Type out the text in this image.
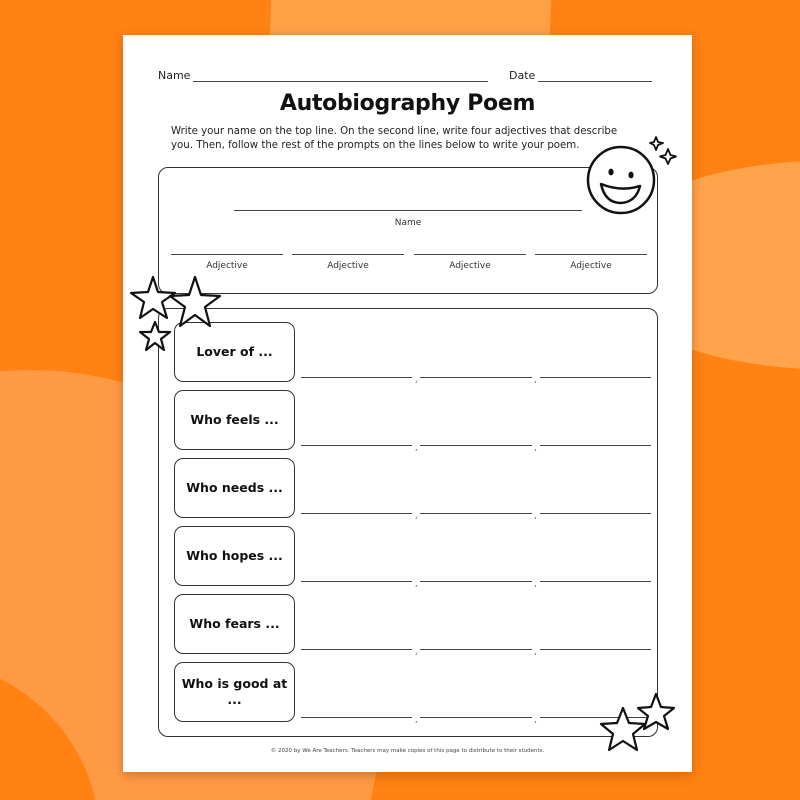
Name	Date
Autobiography Poem
Write your name on the top line. On the second line, write four adjectives that describe you. Then, follow the rest of the prompts on the lines below to write your poem.
Name
Adjective	Adjective	Adjective	Adjective
Lover of ...
,	,
Who feels ...
,	,
Who needs ...
,	,
Who hopes ...
,	,
Who fears ...
,	,
Who is good at ...
,	,
© 2020 by We Are Teachers. Teachers may make copies of this page to distribute to their students.
